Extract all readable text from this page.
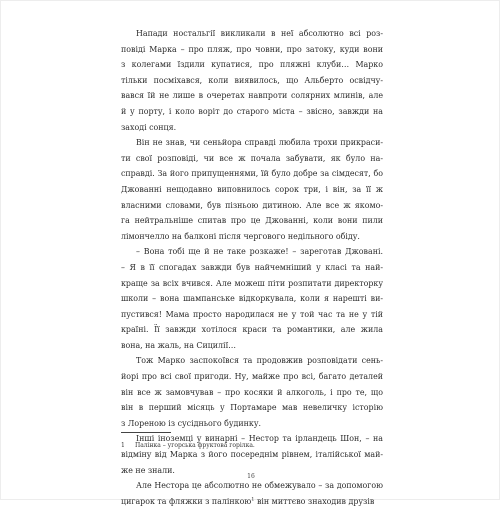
Напади ностальгії викликали в неї абсолютно всі роз-
повіді Марка – про пляж, про човни, про затоку, куди вони
з колегами їздили купатися, про пляжні клуби… Марко
тільки посміхався, коли виявилось, що Альберто освідчу-
вався їй не лише в очеретах навпроти солярних млинів, але
й у порту, і коло воріт до старого міста – звісно, завжди на
заході сонця.
Він не знав, чи сеньйора справді любила трохи прикраси-
ти свої розповіді, чи все ж почала забувати, як було на-
справді. За його припущеннями, їй було добре за сімдесят, бо
Джованні нещодавно виповнилось сорок три, і він, за її ж
власними словами, був пізньою дитиною. Але все ж якомо-
га нейтральніше спитав про це Джованні, коли вони пили
лімончелло на балконі після чергового недільного обіду.
– Вона тобі ще й не таке розкаже! – зареготав Джовані.
– Я в її спогадах завжди був найчемніший у класі та най-
краще за всіх вчився. Але можеш піти розпитати директорку
школи – вона шампанське відкоркувала, коли я нарешті ви-
пустився! Мама просто народилася не у той час та не у тій
країні. Її завжди хотілося краси та романтики, але жила
вона, на жаль, на Сицилії…
Тож Марко заспокоївся та продовжив розповідати сень-
йорі про всі свої пригоди. Ну, майже про всі, багато деталей
він все ж замовчував – про косяки й алкоголь, і про те, що
він в перший місяць у Портамаре мав невеличку історію
з Лореною із сусіднього будинку.
Інші іноземці у винарні – Нестор та ірландець Шон, – на
відміну від Марка з його посереднім рівнем, італійської май-
же не знали.
Але Нестора це абсолютно не обмежувало – за допомогою
цигарок та фляжки з палінкою$^1$ він миттєво знаходив друзів
1 Палінка – угорська фруктова горілка.
16
